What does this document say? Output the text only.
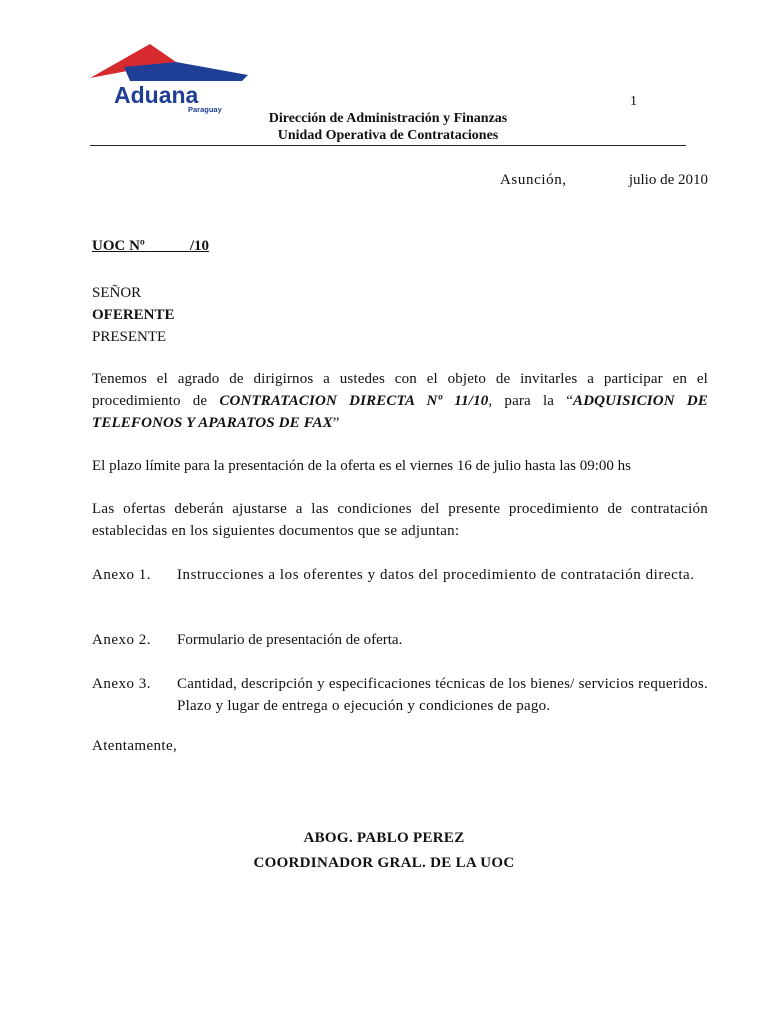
Aduana
Paraguay
1
Dirección de Administración y Finanzas
Unidad Operativa de Contrataciones
Asunción,	julio de 2010
UOC Nº	/10
SEÑOR
OFERENTE
PRESENTE
Tenemos el agrado de dirigirnos a ustedes con el objeto de invitarles a participar en el procedimiento de CONTRATACION DIRECTA Nº 11/10, para la “ADQUISICION DE TELEFONOS Y APARATOS DE FAX”
El plazo límite para la presentación de la oferta es el viernes 16 de julio hasta las 09:00 hs
Las ofertas deberán ajustarse a las condiciones del presente procedimiento de contratación establecidas en los siguientes documentos que se adjuntan:
Anexo 1.	Instrucciones a los oferentes y datos del procedimiento de contratación directa.
Anexo 2.	Formulario de presentación de oferta.
Anexo 3.	Cantidad, descripción y especificaciones técnicas de los bienes/ servicios requeridos. Plazo y lugar de entrega o ejecución y condiciones de pago.
Atentamente,
ABOG. PABLO PEREZ
COORDINADOR GRAL. DE LA UOC
